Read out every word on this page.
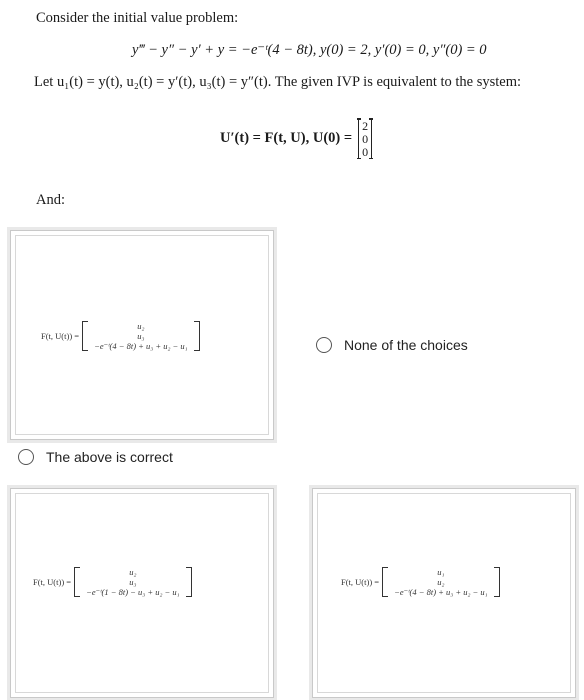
Consider the initial value problem:
y‴ − y″ − y′ + y = −e⁻ᵗ(4 − 8t), y(0) = 2, y′(0) = 0, y″(0) = 0
Let u₁(t) = y(t), u₂(t) = y′(t), u₃(t) = y″(t). The given IVP is equivalent to the system:
U′(t) = F(t, U), U(0) =
2
0
0
And:
F(t, U(t)) =
u₂
u₃
−e⁻ᵗ(4 − 8t) + u₃ + u₂ − u₁	None of the choices
The above is correct
F(t, U(t)) =
u₂
u₃
−e⁻ᵗ(1 − 8t) − u₃ + u₂ − u₁
F(t, U(t)) =
u₁
u₂
−e⁻ᵗ(4 − 8t) + u₃ + u₂ − u₁
